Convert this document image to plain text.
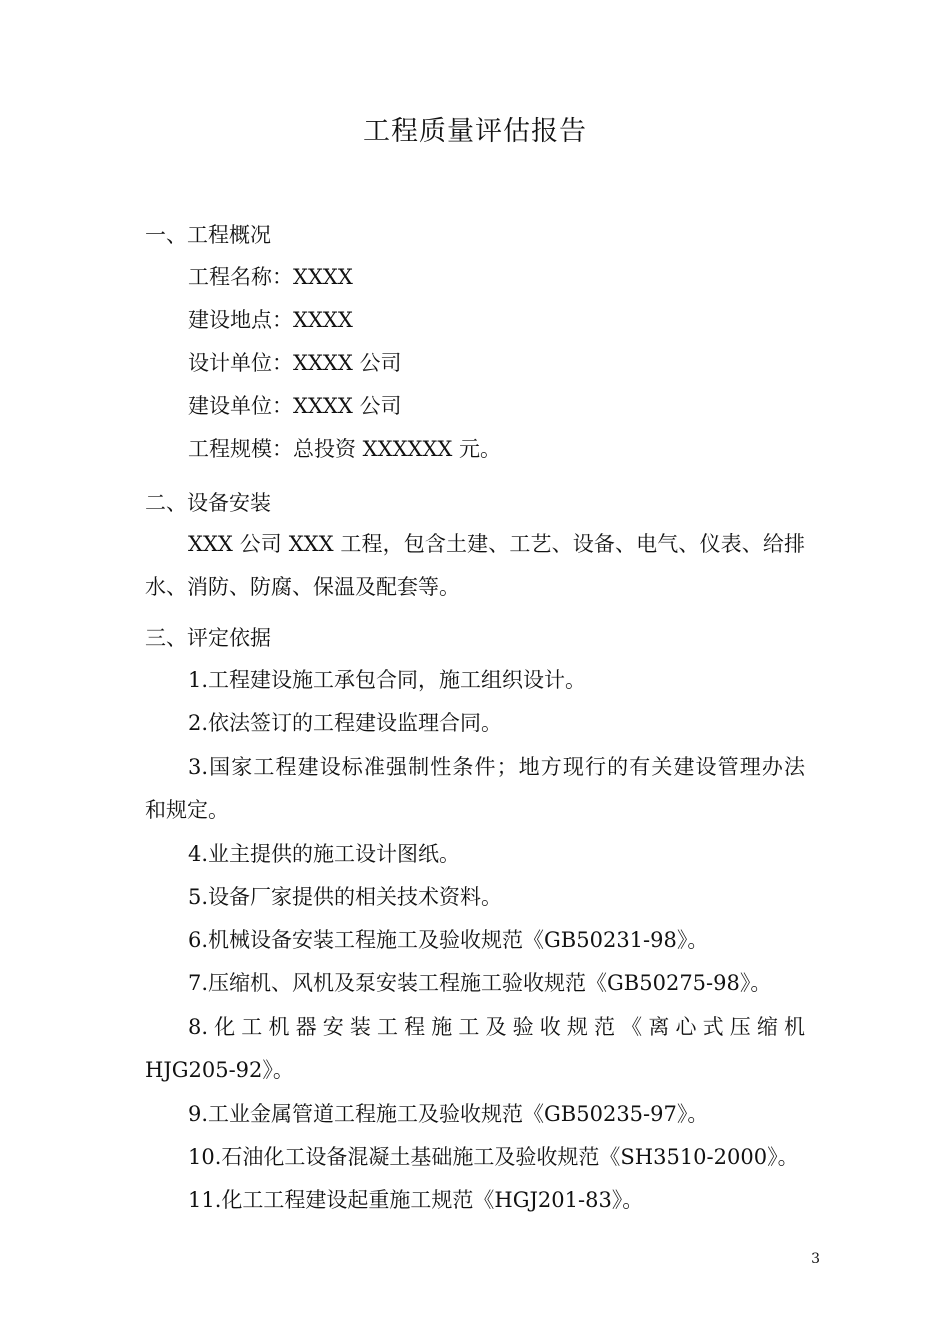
工程质量评估报告
一、工程概况
工程名称：XXXX
建设地点：XXXX
设计单位：XXXX 公司
建设单位：XXXX 公司
工程规模：总投资 XXXXXX 元。
二、设备安装
XXX 公司 XXX 工程，包含土建、工艺、设备、电气、仪表、给排
水、消防、防腐、保温及配套等。
三、评定依据
1.工程建设施工承包合同，施工组织设计。
2.依法签订的工程建设监理合同。
3.国家工程建设标准强制性条件；地方现行的有关建设管理办法
和规定。
4.业主提供的施工设计图纸。
5.设备厂家提供的相关技术资料。
6.机械设备安装工程施工及验收规范《GB50231-98》。
7.压缩机、风机及泵安装工程施工验收规范《GB50275-98》。
8.化工机器安装工程施工及验收规范《离心式压缩机
HJG205-92》。
9.工业金属管道工程施工及验收规范《GB50235-97》。
10.石油化工设备混凝土基础施工及验收规范《SH3510-2000》。
11.化工工程建设起重施工规范《HGJ201-83》。
3
